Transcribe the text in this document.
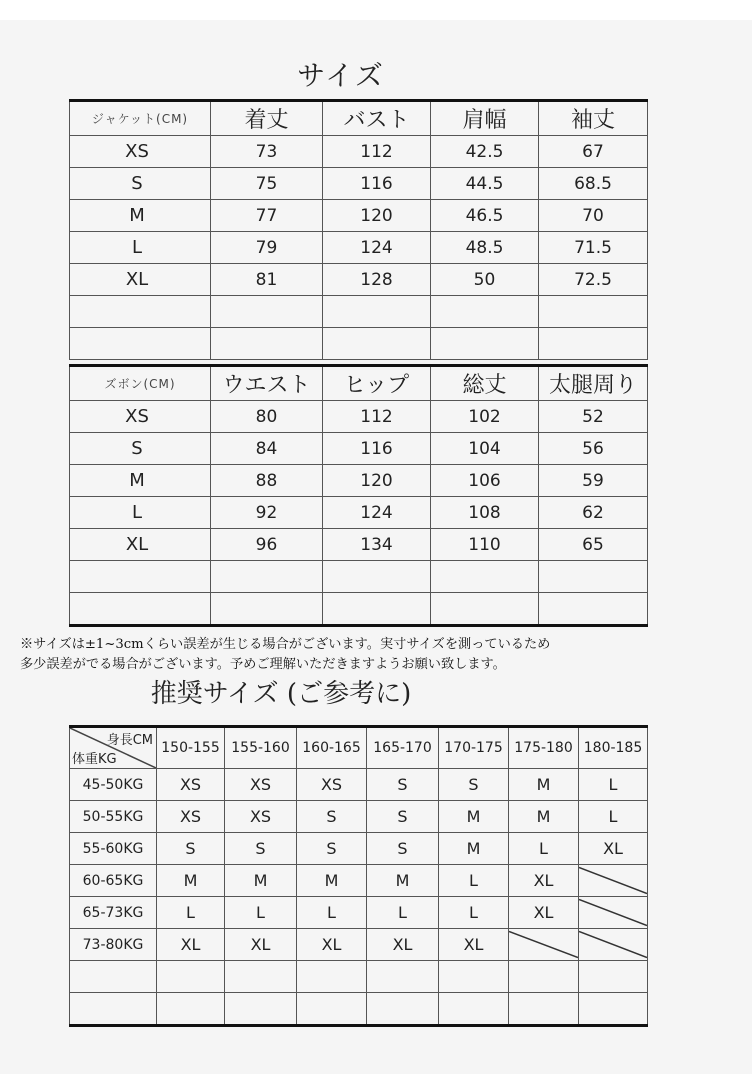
サイズ
ジャケット(CM)	着丈	バスト	肩幅	袖丈
XS	73	112	42.5	67
S	75	116	44.5	68.5
M	77	120	46.5	70
L	79	124	48.5	71.5
XL	81	128	50	72.5

ズボン(CM)	ウエスト	ヒップ	総丈	太腿周り
XS	80	112	102	52
S	84	116	104	56
M	88	120	106	59
L	92	124	108	62
XL	96	134	110	65

※サイズは±1~3cmくらい誤差が生じる場合がございます。実寸サイズを測っているため
多少誤差がでる場合がございます。予めご理解いただきますようお願い致します。
推奨サイズ (ご参考に)
身長CM
体重KG	150-155	155-160	160-165	165-170	170-175	175-180	180-185
45-50KG	XS	XS	XS	S	S	M	L
50-55KG	XS	XS	S	S	M	M	L
55-60KG	S	S	S	S	M	L	XL
60-65KG	M	M	M	M	L	XL	

65-73KG	L	L	L	L	L	XL	

73-80KG	XL	XL	XL	XL	XL	
